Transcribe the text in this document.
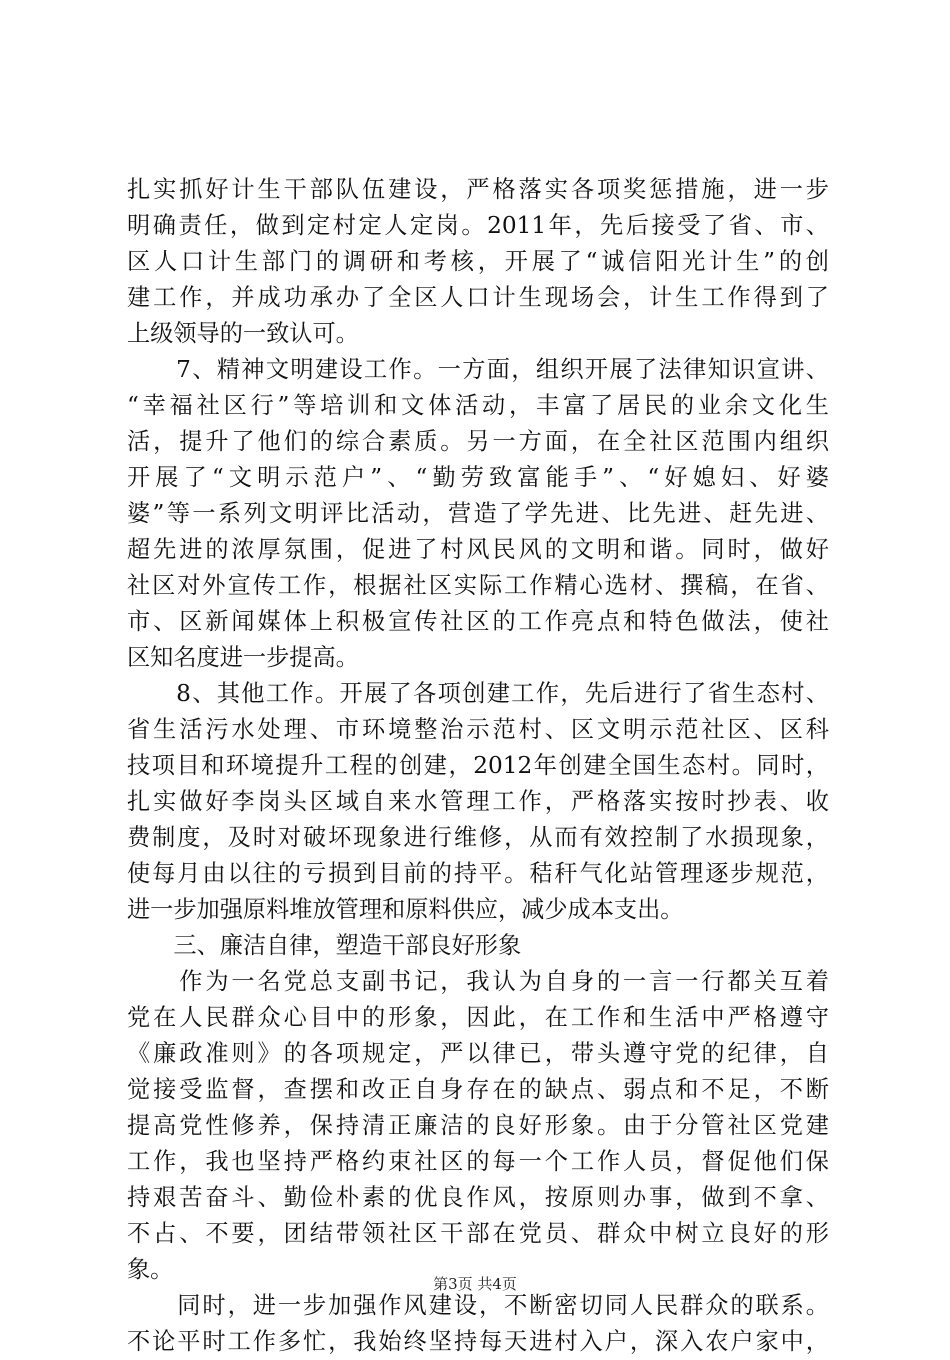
扎实抓好计生干部队伍建设，严格落实各项奖惩措施，进一步
明确责任，做到定村定人定岗。2011年，先后接受了省、市、
区人口计生部门的调研和考核，开展了“诚信阳光计生”的创
建工作，并成功承办了全区人口计生现场会，计生工作得到了
上级领导的一致认可。
　　7、精神文明建设工作。一方面，组织开展了法律知识宣讲、
“幸福社区行”等培训和文体活动，丰富了居民的业余文化生
活，提升了他们的综合素质。另一方面，在全社区范围内组织
开展了“文明示范户”、“勤劳致富能手”、“好媳妇、好婆
婆”等一系列文明评比活动，营造了学先进、比先进、赶先进、
超先进的浓厚氛围，促进了村风民风的文明和谐。同时，做好
社区对外宣传工作，根据社区实际工作精心选材、撰稿，在省、
市、区新闻媒体上积极宣传社区的工作亮点和特色做法，使社
区知名度进一步提高。
　　8、其他工作。开展了各项创建工作，先后进行了省生态村、
省生活污水处理、市环境整治示范村、区文明示范社区、区科
技项目和环境提升工程的创建，2012年创建全国生态村。同时，
扎实做好李岗头区域自来水管理工作，严格落实按时抄表、收
费制度，及时对破坏现象进行维修，从而有效控制了水损现象，
使每月由以往的亏损到目前的持平。秸秆气化站管理逐步规范，
进一步加强原料堆放管理和原料供应，减少成本支出。
　　三、廉洁自律，塑造干部良好形象
　　作为一名党总支副书记，我认为自身的一言一行都关互着
党在人民群众心目中的形象，因此，在工作和生活中严格遵守
《廉政准则》的各项规定，严以律已，带头遵守党的纪律，自
觉接受监督，查摆和改正自身存在的缺点、弱点和不足，不断
提高党性修养，保持清正廉洁的良好形象。由于分管社区党建
工作，我也坚持严格约束社区的每一个工作人员，督促他们保
持艰苦奋斗、勤俭朴素的优良作风，按原则办事，做到不拿、
不占、不要，团结带领社区干部在党员、群众中树立良好的形
象。
　　同时，进一步加强作风建设，不断密切同人民群众的联系。
不论平时工作多忙，我始终坚持每天进村入户，深入农户家中，
第3页 共4页
